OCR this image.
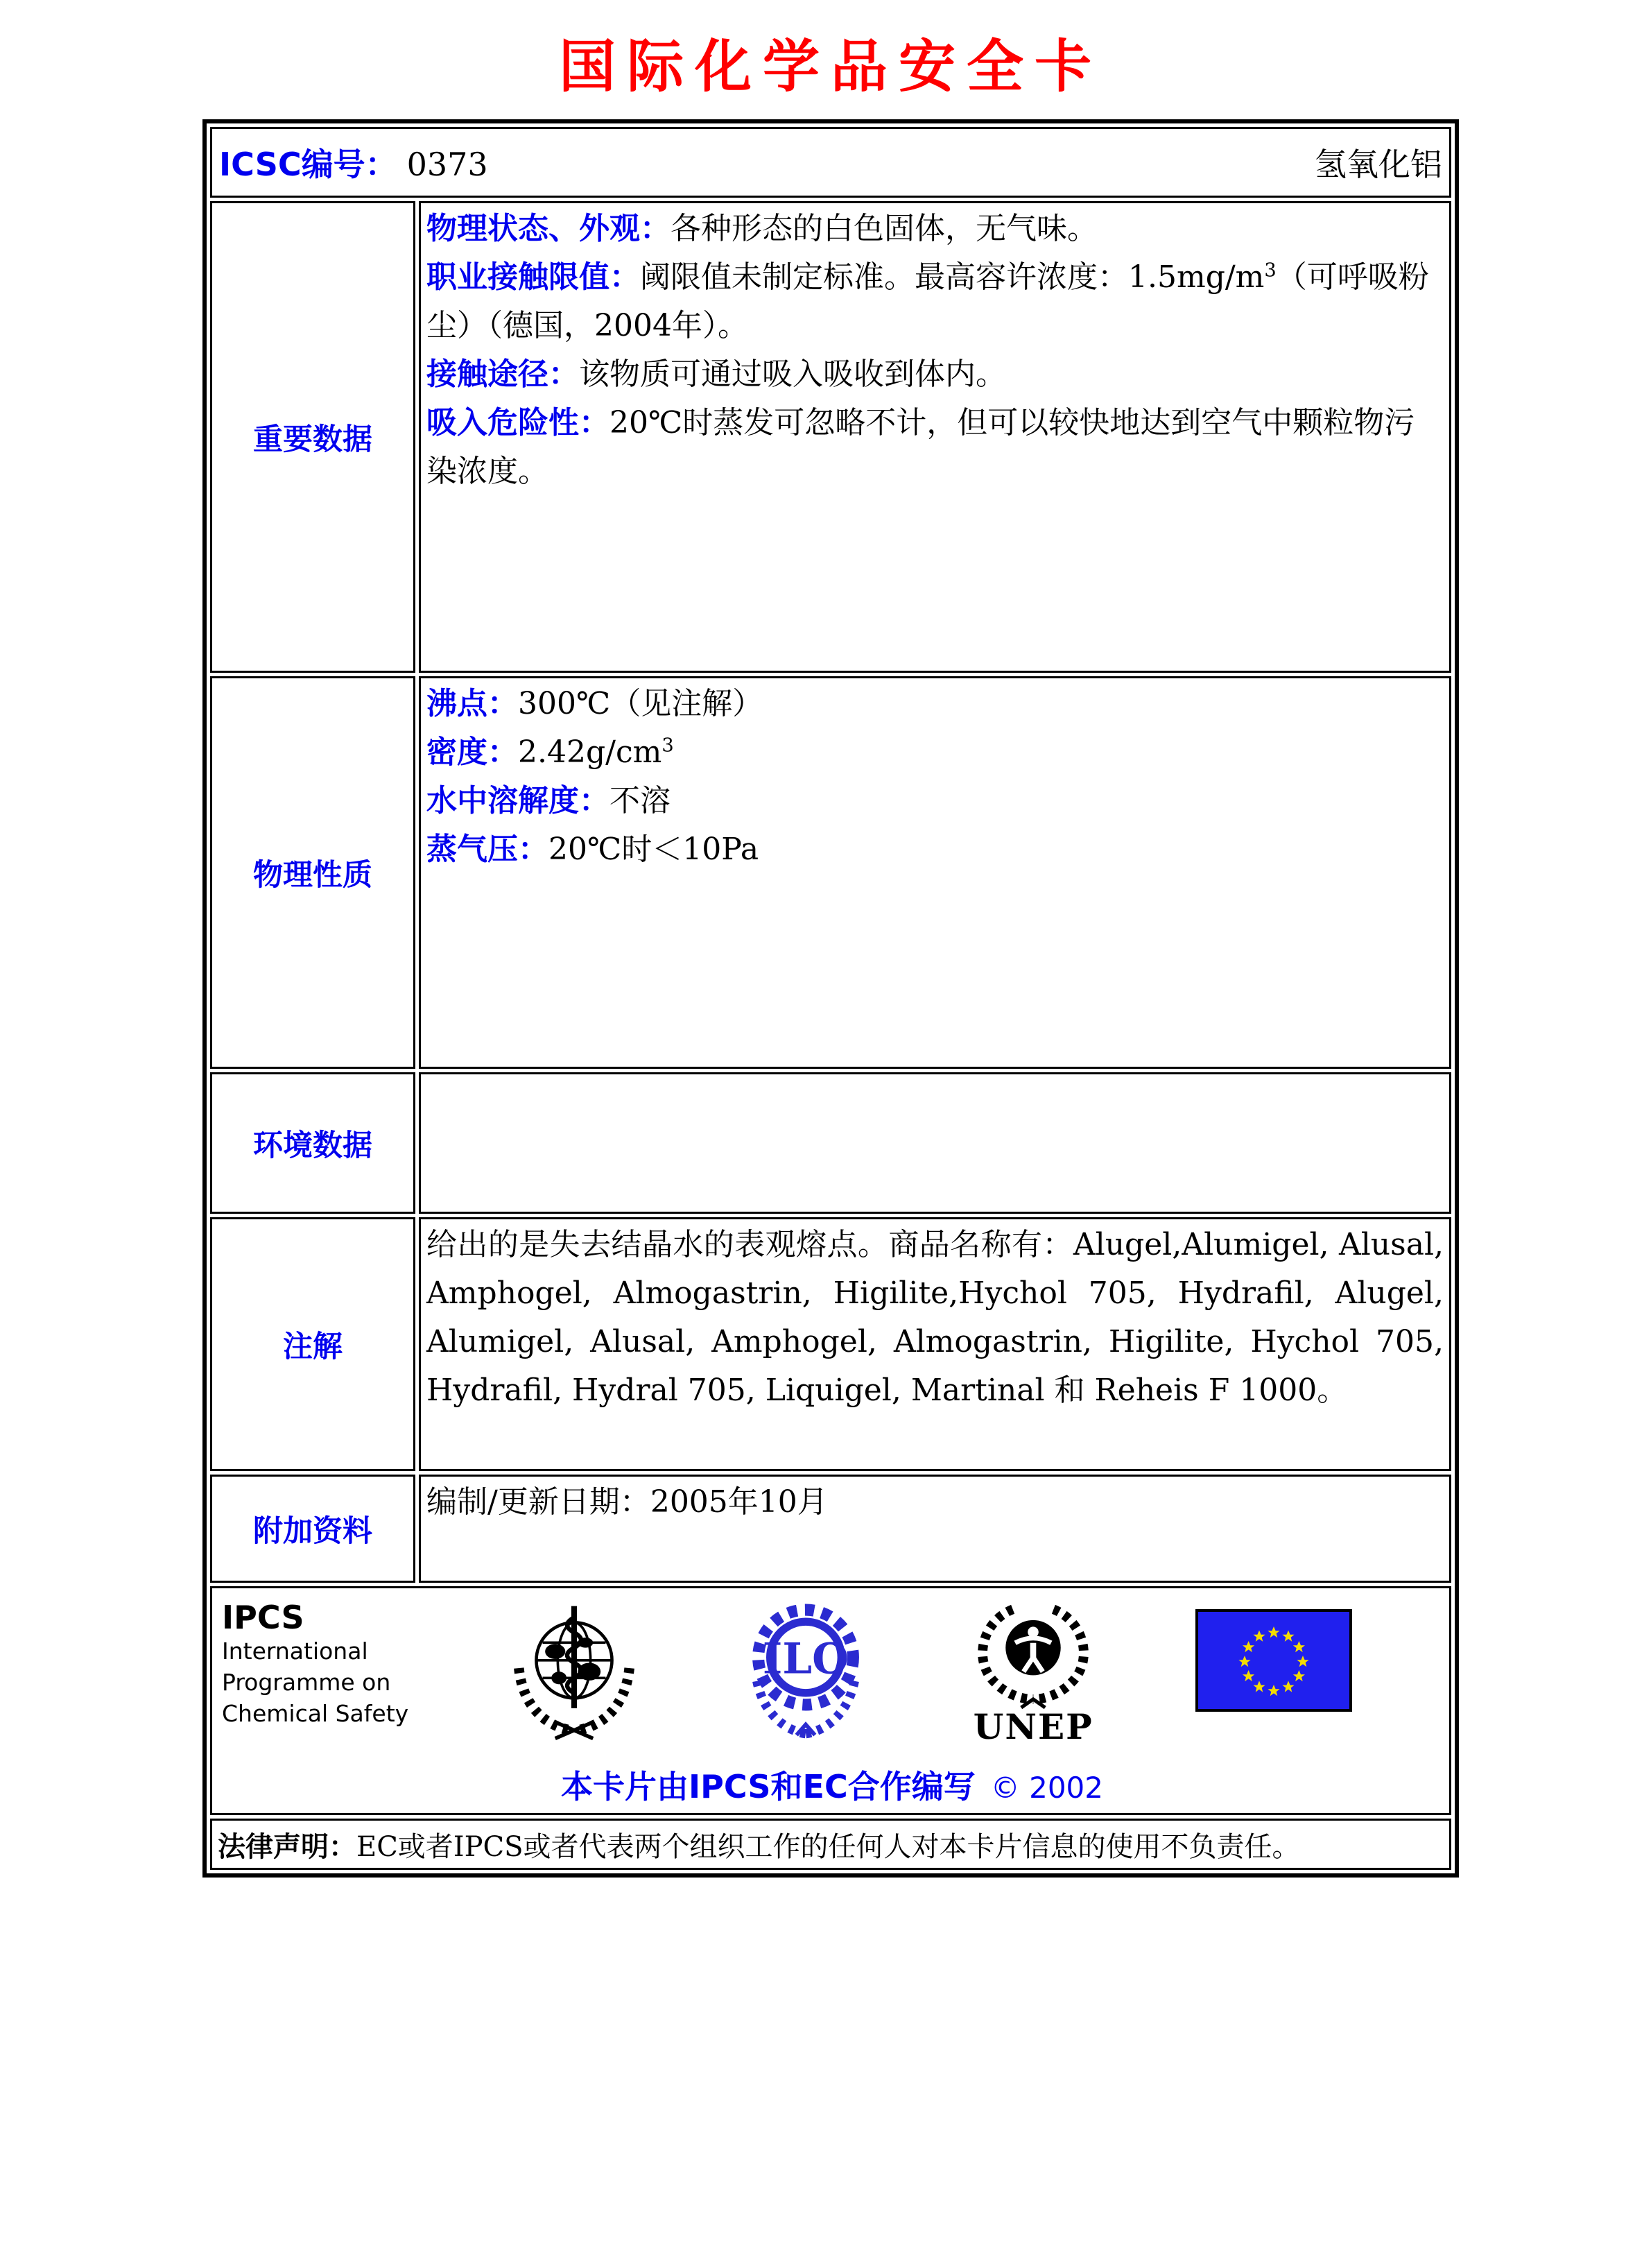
国际化学品安全卡
ICSC编号： 0373 氢氧化铝	

重要数据	物理状态、外观：各种形态的白色固体，无气味。

职业接触限值：阈限值未制定标准。最高容许浓度：$1.5mg/m^3$（可呼吸粉尘）（德国，2004年）。

接触途径：该物质可通过吸入吸收到体内。

吸入危险性：20℃时蒸发可忽略不计，但可以较快地达到空气中颗粒物污染浓度。

物理性质	沸点：300℃（见注解）

密度：$2.42g/cm^3$

水中溶解度：不溶

蒸气压：20℃时＜10Pa

环境数据	
注解	给出的是失去结晶水的表观熔点。商品名称有：Alugel,Alumigel, Alusal, Amphogel, Almogastrin, Higilite,Hychol 705, Hydrafil, Alugel, Alumigel, Alusal, Amphogel, Almogastrin, Higilite, Hychol 705, Hydrafil, Hydral 705, Liquigel, Martinal 和 Reheis F 1000。

附加资料	编制/更新日期：2005年10月

IPCS
International
Programme on
Chemical Safety
ILO
UNEP
本卡片由IPCS和EC合作编写 © 2002

法律声明：EC或者IPCS或者代表两个组织工作的任何人对本卡片信息的使用不负责任。	
